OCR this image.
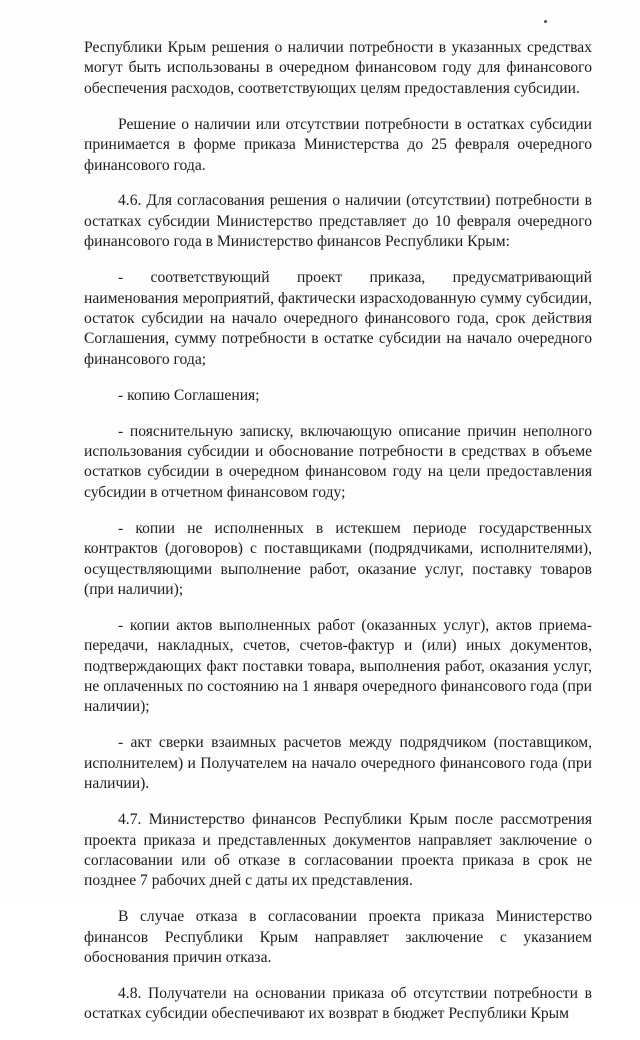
Республики Крым решения о наличии потребности в указанных средствах могут быть использованы в очередном финансовом году для финансового обеспечения расходов, соответствующих целям предоставления субсидии.

Решение о наличии или отсутствии потребности в остатках субсидии принимается в форме приказа Министерства до 25 февраля очередного финансового года.

4.6. Для согласования решения о наличии (отсутствии) потребности в остатках субсидии Министерство представляет до 10 февраля очередного финансового года в Министерство финансов Республики Крым:

- соответствующий проект приказа, предусматривающий наименования мероприятий, фактически израсходованную сумму субсидии, остаток субсидии на начало очередного финансового года, срок действия Соглашения, сумму потребности в остатке субсидии на начало очередного финансового года;

- копию Соглашения;

- пояснительную записку, включающую описание причин неполного использования субсидии и обоснование потребности в средствах в объеме остатков субсидии в очередном финансовом году на цели предоставления субсидии в отчетном финансовом году;

- копии не исполненных в истекшем периоде государственных контрактов (договоров) с поставщиками (подрядчиками, исполнителями), осуществляющими выполнение работ, оказание услуг, поставку товаров (при наличии);

- копии актов выполненных работ (оказанных услуг), актов приема-передачи, накладных, счетов, счетов-фактур и (или) иных документов, подтверждающих факт поставки товара, выполнения работ, оказания услуг, не оплаченных по состоянию на 1 января очередного финансового года (при наличии);

- акт сверки взаимных расчетов между подрядчиком (поставщиком, исполнителем) и Получателем на начало очередного финансового года (при наличии).

4.7. Министерство финансов Республики Крым после рассмотрения проекта приказа и представленных документов направляет заключение о согласовании или об отказе в согласовании проекта приказа в срок не позднее 7 рабочих дней с даты их представления.

В случае отказа в согласовании проекта приказа Министерство финансов Республики Крым направляет заключение с указанием обоснования причин отказа.

4.8. Получатели на основании приказа об отсутствии потребности в остатках субсидии обеспечивают их возврат в бюджет Республики Крым
